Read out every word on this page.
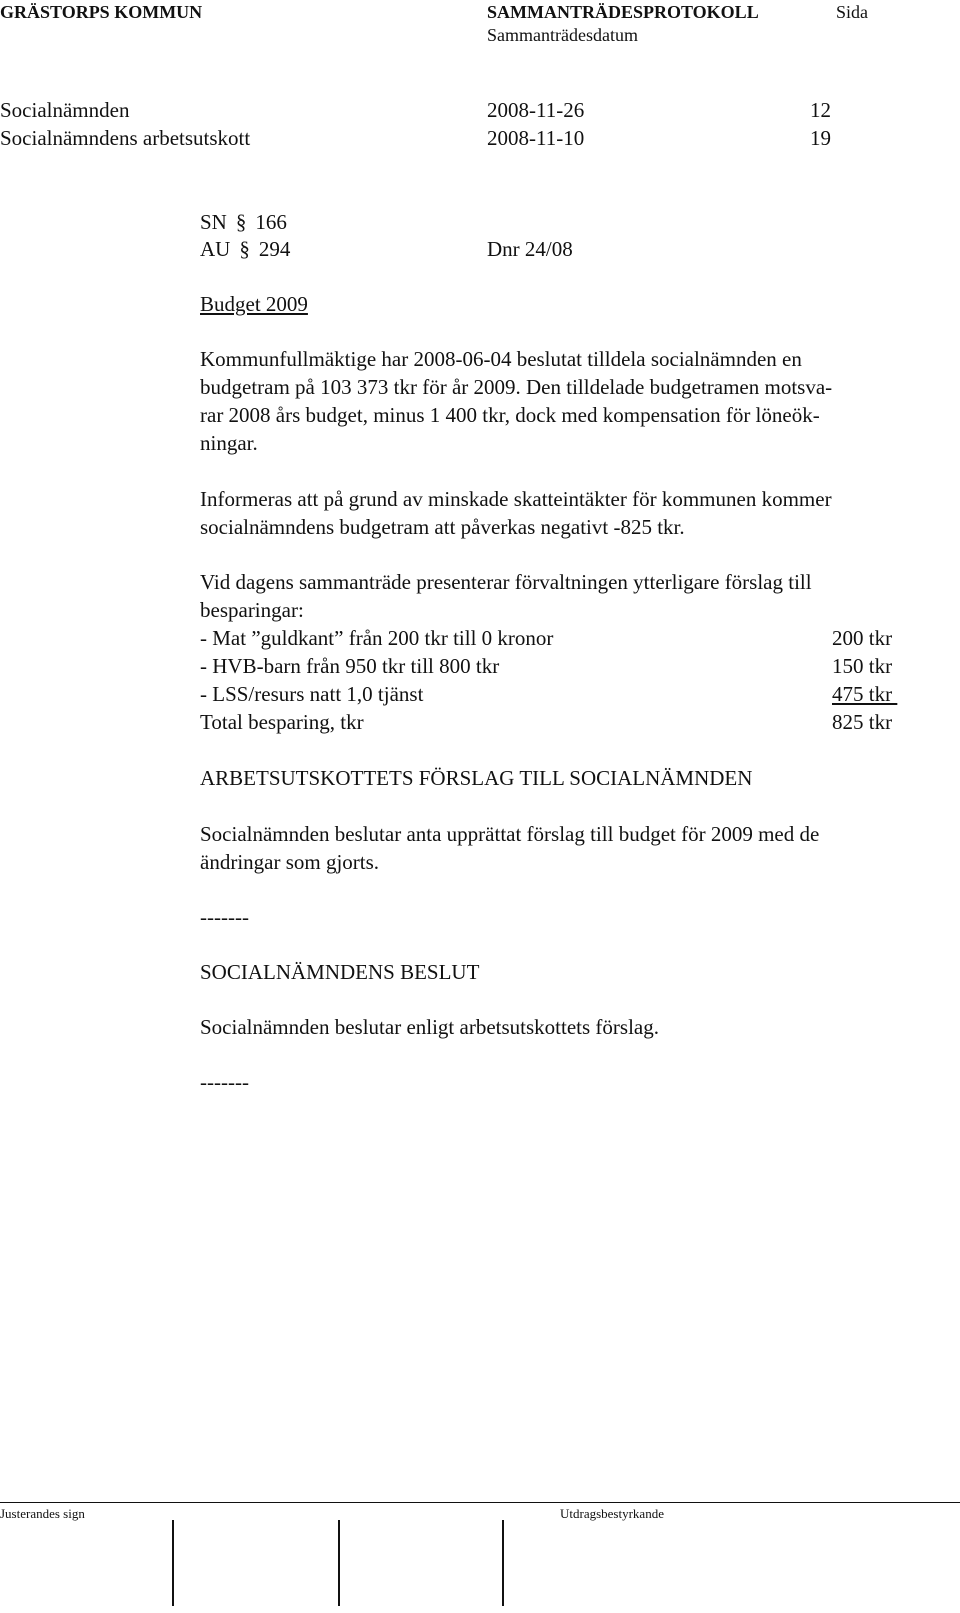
GRÄSTORPS KOMMUN	SAMMANTRÄDESPROTOKOLL	Sida
Sammanträdesdatum
Socialnämnden	2008-11-26	12
Socialnämndens arbetsutskott	2008-11-10	19
SN § 166
AU § 294	Dnr 24/08
Budget 2009
Kommunfullmäktige har 2008-06-04 beslutat tilldela socialnämnden en
budgetram på 103 373 tkr för år 2009. Den tilldelade budgetramen motsva-
rar 2008 års budget, minus 1 400 tkr, dock med kompensation för löneök-
ningar.
Informeras att på grund av minskade skatteintäkter för kommunen kommer
socialnämndens budgetram att påverkas negativt -825 tkr.
Vid dagens sammanträde presenterar förvaltningen ytterligare förslag till
besparingar:
- Mat ”guldkant” från 200 tkr till 0 kronor	200 tkr
- HVB-barn från 950 tkr till 800 tkr	150 tkr
- LSS/resurs natt 1,0 tjänst	475 tkr
Total besparing, tkr	825 tkr
ARBETSUTSKOTTETS FÖRSLAG TILL SOCIALNÄMNDEN
Socialnämnden beslutar anta upprättat förslag till budget för 2009 med de
ändringar som gjorts.
-------
SOCIALNÄMNDENS BESLUT
Socialnämnden beslutar enligt arbetsutskottets förslag.
-------
Justerandes sign	Utdragsbestyrkande
